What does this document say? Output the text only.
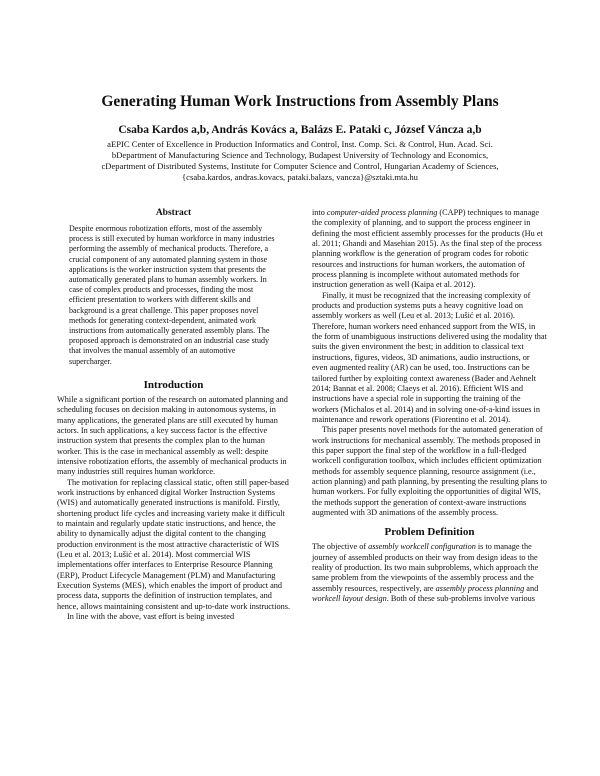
Generating Human Work Instructions from Assembly Plans
Csaba Kardos a,b, András Kovács a, Balázs E. Pataki c, József Váncza a,b
aEPIC Center of Excellence in Production Informatics and Control, Inst. Comp. Sci. & Control, Hun. Acad. Sci.
bDepartment of Manufacturing Science and Technology, Budapest University of Technology and Economics,
cDepartment of Distributed Systems, Institute for Computer Science and Control, Hungarian Academy of Sciences,
{csaba.kardos, andras.kovacs, pataki.balazs, vancza}@sztaki.mta.hu
Abstract

Despite enormous robotization efforts, most of the assembly process is still executed by human workforce in many industries performing the assembly of mechanical products. Therefore, a crucial component of any automated planning system in those applications is the worker instruction system that presents the automatically generated plans to human assembly workers. In case of complex products and processes, finding the most efficient presentation to workers with different skills and background is a great challenge. This paper proposes novel methods for generating context-dependent, animated work instructions from automatically generated assembly plans. The proposed approach is demonstrated on an industrial case study that involves the manual assembly of an automotive supercharger.

Introduction

While a significant portion of the research on automated planning and scheduling focuses on decision making in autonomous systems, in many applications, the generated plans are still executed by human actors. In such applications, a key success factor is the effective instruction system that presents the complex plan to the human worker. This is the case in mechanical assembly as well: despite intensive robotization efforts, the assembly of mechanical products in many industries still requires human workforce.

The motivation for replacing classical static, often still paper-based work instructions by enhanced digital Worker Instruction Systems (WIS) and automatically generated instructions is manifold. Firstly, shortening product life cycles and increasing variety make it difficult to maintain and regularly update static instructions, and hence, the ability to dynamically adjust the digital content to the changing production environment is the most attractive characteristic of WIS (Leu et al. 2013; Lušić et al. 2014). Most commercial WIS implementations offer interfaces to Enterprise Resource Planning (ERP), Product Lifecycle Management (PLM) and Manufacturing Execution Systems (MES), which enables the import of product and process data, supports the definition of instruction templates, and hence, allows maintaining consistent and up-to-date work instructions.

In line with the above, vast effort is being invested

into computer-aided process planning (CAPP) techniques to manage the complexity of planning, and to support the process engineer in defining the most efficient assembly processes for the products (Hu et al. 2011; Ghandi and Masehian 2015). As the final step of the process planning workflow is the generation of program codes for robotic resources and instructions for human workers, the automation of process planning is incomplete without automated methods for instruction generation as well (Kaipa et al. 2012).

Finally, it must be recognized that the increasing complexity of products and production systems puts a heavy cognitive load on assembly workers as well (Leu et al. 2013; Lušić et al. 2016). Therefore, human workers need enhanced support from the WIS, in the form of unambiguous instructions delivered using the modality that suits the given environment the best; in addition to classical text instructions, figures, videos, 3D animations, audio instructions, or even augmented reality (AR) can be used, too. Instructions can be tailored further by exploiting context awareness (Bader and Aehnelt 2014; Bannat et al. 2008; Claeys et al. 2016). Efficient WIS and instructions have a special role in supporting the training of the workers (Michalos et al. 2014) and in solving one-of-a-kind issues in maintenance and rework operations (Fiorentino et al. 2014).

This paper presents novel methods for the automated generation of work instructions for mechanical assembly. The methods proposed in this paper support the final step of the workflow in a full-fledged workcell configuration toolbox, which includes efficient optimization methods for assembly sequence planning, resource assignment (i.e., action planning) and path planning, by presenting the resulting plans to human workers. For fully exploiting the opportunities of digital WIS, the methods support the generation of context-aware instructions augmented with 3D animations of the assembly process.

Problem Definition

The objective of assembly workcell configuration is to manage the journey of assembled products on their way from design ideas to the reality of production. Its two main subproblems, which approach the same problem from the viewpoints of the assembly process and the assembly resources, respectively, are assembly process planning and workcell layout design. Both of these sub-problems involve various
